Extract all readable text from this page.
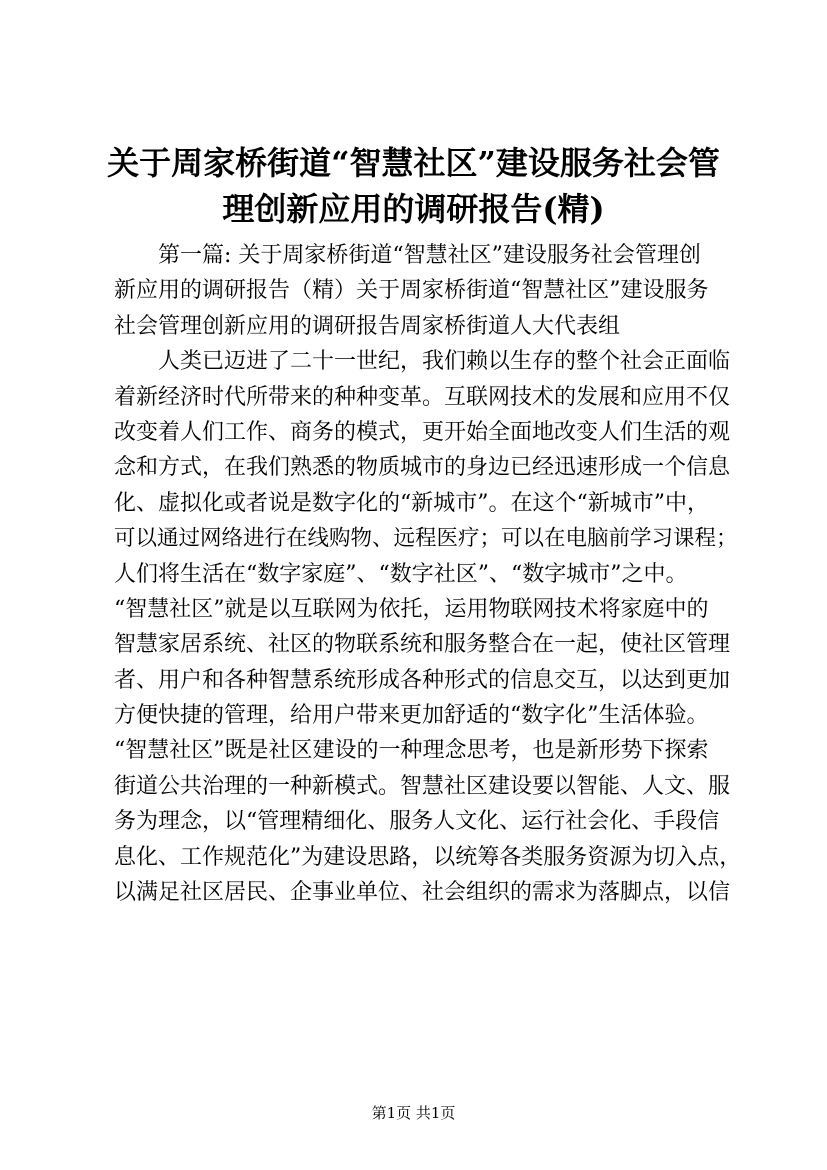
关于周家桥街道“智慧社区”建设服务社会管
理创新应用的调研报告(精)
　　第一篇: 关于周家桥街道“智慧社区”建设服务社会管理创
新应用的调研报告（精）关于周家桥街道“智慧社区”建设服务
社会管理创新应用的调研报告周家桥街道人大代表组
　　人类已迈进了二十一世纪，我们赖以生存的整个社会正面临
着新经济时代所带来的种种变革。互联网技术的发展和应用不仅
改变着人们工作、商务的模式，更开始全面地改变人们生活的观
念和方式，在我们熟悉的物质城市的身边已经迅速形成一个信息
化、虚拟化或者说是数字化的“新城市”。在这个“新城市”中，
可以通过网络进行在线购物、远程医疗；可以在电脑前学习课程；
人们将生活在“数字家庭”、“数字社区”、“数字城市”之中。
“智慧社区”就是以互联网为依托，运用物联网技术将家庭中的
智慧家居系统、社区的物联系统和服务整合在一起，使社区管理
者、用户和各种智慧系统形成各种形式的信息交互，以达到更加
方便快捷的管理，给用户带来更加舒适的“数字化”生活体验。
“智慧社区”既是社区建设的一种理念思考，也是新形势下探索
街道公共治理的一种新模式。智慧社区建设要以智能、人文、服
务为理念，以“管理精细化、服务人文化、运行社会化、手段信
息化、工作规范化”为建设思路，以统筹各类服务资源为切入点，
以满足社区居民、企事业单位、社会组织的需求为落脚点，以信
第1页 共1页
